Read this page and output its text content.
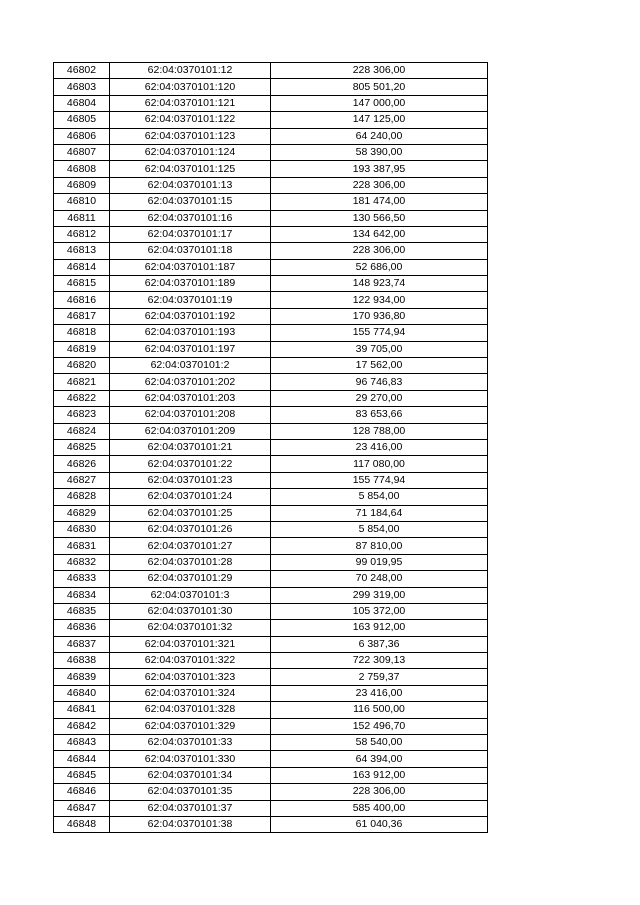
46802	62:04:0370101:12	228 306,00
46803	62:04:0370101:120	805 501,20
46804	62:04:0370101:121	147 000,00
46805	62:04:0370101:122	147 125,00
46806	62:04:0370101:123	64 240,00
46807	62:04:0370101:124	58 390,00
46808	62:04:0370101:125	193 387,95
46809	62:04:0370101:13	228 306,00
46810	62:04:0370101:15	181 474,00
46811	62:04:0370101:16	130 566,50
46812	62:04:0370101:17	134 642,00
46813	62:04:0370101:18	228 306,00
46814	62:04:0370101:187	52 686,00
46815	62:04:0370101:189	148 923,74
46816	62:04:0370101:19	122 934,00
46817	62:04:0370101:192	170 936,80
46818	62:04:0370101:193	155 774,94
46819	62:04:0370101:197	39 705,00
46820	62:04:0370101:2	17 562,00
46821	62:04:0370101:202	96 746,83
46822	62:04:0370101:203	29 270,00
46823	62:04:0370101:208	83 653,66
46824	62:04:0370101:209	128 788,00
46825	62:04:0370101:21	23 416,00
46826	62:04:0370101:22	117 080,00
46827	62:04:0370101:23	155 774,94
46828	62:04:0370101:24	5 854,00
46829	62:04:0370101:25	71 184,64
46830	62:04:0370101:26	5 854,00
46831	62:04:0370101:27	87 810,00
46832	62:04:0370101:28	99 019,95
46833	62:04:0370101:29	70 248,00
46834	62:04:0370101:3	299 319,00
46835	62:04:0370101:30	105 372,00
46836	62:04:0370101:32	163 912,00
46837	62:04:0370101:321	6 387,36
46838	62:04:0370101:322	722 309,13
46839	62:04:0370101:323	2 759,37
46840	62:04:0370101:324	23 416,00
46841	62:04:0370101:328	116 500,00
46842	62:04:0370101:329	152 496,70
46843	62:04:0370101:33	58 540,00
46844	62:04:0370101:330	64 394,00
46845	62:04:0370101:34	163 912,00
46846	62:04:0370101:35	228 306,00
46847	62:04:0370101:37	585 400,00
46848	62:04:0370101:38	61 040,36
